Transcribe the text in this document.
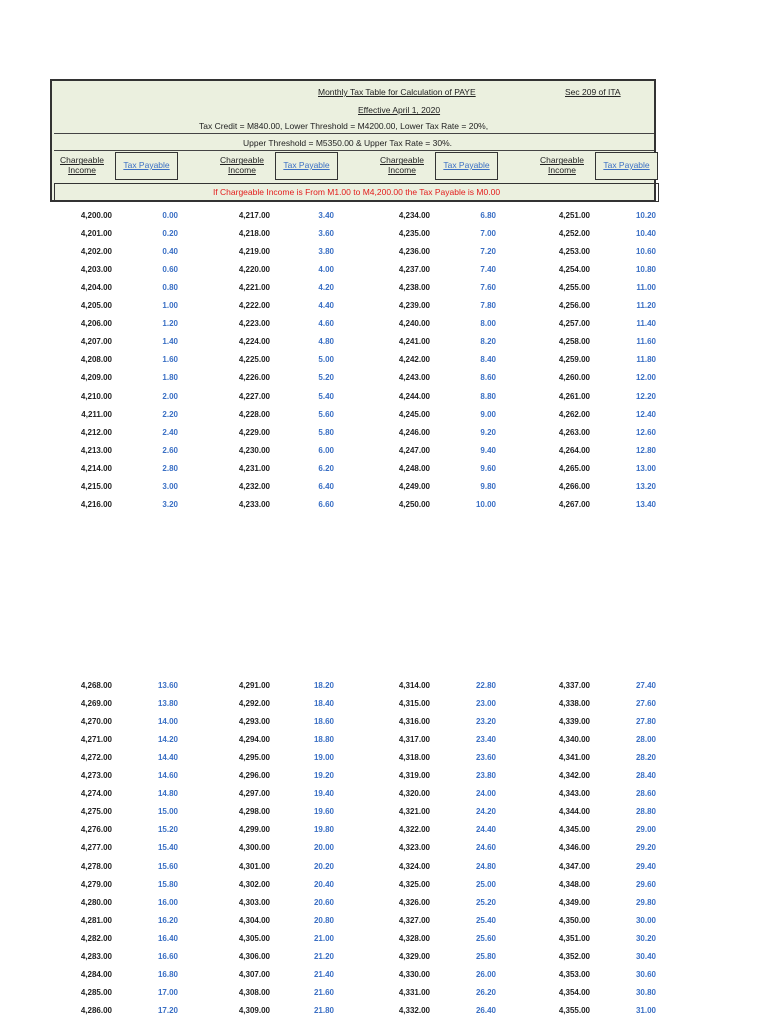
Monthly Tax Table for Calculation of PAYE	Sec 209 of ITA
Effective April 1, 2020
Tax Credit = M840.00, Lower Threshold = M4200.00, Lower Tax Rate = 20%,
Upper Threshold = M5350.00 & Upper Tax Rate = 30%.
Chargeable
Income	Tax Payable	Chargeable
Income	Tax Payable	Chargeable
Income	Tax Payable	Chargeable
Income	Tax Payable
If Chargeable Income is From M1.00 to M4,200.00 the Tax Payable is M0.00
4,200.00	0.00	4,217.00	3.40	4,234.00	6.80	4,251.00	10.20
4,201.00	0.20	4,218.00	3.60	4,235.00	7.00	4,252.00	10.40
4,202.00	0.40	4,219.00	3.80	4,236.00	7.20	4,253.00	10.60
4,203.00	0.60	4,220.00	4.00	4,237.00	7.40	4,254.00	10.80
4,204.00	0.80	4,221.00	4.20	4,238.00	7.60	4,255.00	11.00
4,205.00	1.00	4,222.00	4.40	4,239.00	7.80	4,256.00	11.20
4,206.00	1.20	4,223.00	4.60	4,240.00	8.00	4,257.00	11.40
4,207.00	1.40	4,224.00	4.80	4,241.00	8.20	4,258.00	11.60
4,208.00	1.60	4,225.00	5.00	4,242.00	8.40	4,259.00	11.80
4,209.00	1.80	4,226.00	5.20	4,243.00	8.60	4,260.00	12.00
4,210.00	2.00	4,227.00	5.40	4,244.00	8.80	4,261.00	12.20
4,211.00	2.20	4,228.00	5.60	4,245.00	9.00	4,262.00	12.40
4,212.00	2.40	4,229.00	5.80	4,246.00	9.20	4,263.00	12.60
4,213.00	2.60	4,230.00	6.00	4,247.00	9.40	4,264.00	12.80
4,214.00	2.80	4,231.00	6.20	4,248.00	9.60	4,265.00	13.00
4,215.00	3.00	4,232.00	6.40	4,249.00	9.80	4,266.00	13.20
4,216.00	3.20	4,233.00	6.60	4,250.00	10.00	4,267.00	13.40
4,268.00	13.60	4,291.00	18.20	4,314.00	22.80	4,337.00	27.40
4,269.00	13.80	4,292.00	18.40	4,315.00	23.00	4,338.00	27.60
4,270.00	14.00	4,293.00	18.60	4,316.00	23.20	4,339.00	27.80
4,271.00	14.20	4,294.00	18.80	4,317.00	23.40	4,340.00	28.00
4,272.00	14.40	4,295.00	19.00	4,318.00	23.60	4,341.00	28.20
4,273.00	14.60	4,296.00	19.20	4,319.00	23.80	4,342.00	28.40
4,274.00	14.80	4,297.00	19.40	4,320.00	24.00	4,343.00	28.60
4,275.00	15.00	4,298.00	19.60	4,321.00	24.20	4,344.00	28.80
4,276.00	15.20	4,299.00	19.80	4,322.00	24.40	4,345.00	29.00
4,277.00	15.40	4,300.00	20.00	4,323.00	24.60	4,346.00	29.20
4,278.00	15.60	4,301.00	20.20	4,324.00	24.80	4,347.00	29.40
4,279.00	15.80	4,302.00	20.40	4,325.00	25.00	4,348.00	29.60
4,280.00	16.00	4,303.00	20.60	4,326.00	25.20	4,349.00	29.80
4,281.00	16.20	4,304.00	20.80	4,327.00	25.40	4,350.00	30.00
4,282.00	16.40	4,305.00	21.00	4,328.00	25.60	4,351.00	30.20
4,283.00	16.60	4,306.00	21.20	4,329.00	25.80	4,352.00	30.40
4,284.00	16.80	4,307.00	21.40	4,330.00	26.00	4,353.00	30.60
4,285.00	17.00	4,308.00	21.60	4,331.00	26.20	4,354.00	30.80
4,286.00	17.20	4,309.00	21.80	4,332.00	26.40	4,355.00	31.00
